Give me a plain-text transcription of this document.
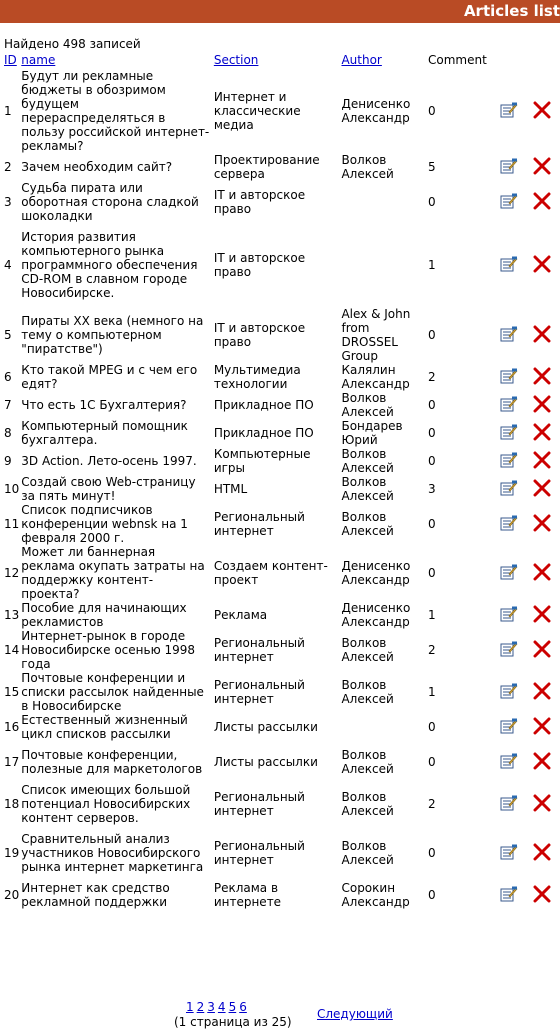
Articles list
Найдено 498 записей
ID	name	Section	Author	Comment		
1	Будут ли рекламные бюджеты в обозримом будущем перераспределяться в пользу российской интернет-рекламы?	Интернет и классические медиа	Денисенко Александр	0	

2	Зачем необходим сайт?	Проектирование сервера	Волков Алексей	5	

3	Судьба пирата или оборотная сторона сладкой шоколадки	IT и авторское право		0	

4	История развития компьютерного рынка программного обеспечения CD-ROM в славном городе Новосибирске.	IT и авторское право		1	

5	Пираты XX века (немного на тему о компьютерном "пиратстве")	IT и авторское право	Alex & John from DROSSEL Group	0	

6	Кто такой MPEG и с чем его едят?	Мультимедиа технологии	Калялин Александр	2	

7	Что есть 1С Бухгалтерия?	Прикладное ПО	Волков Алексей	0	

8	Компьютерный помощник бухгалтера.	Прикладное ПО	Бондарев Юрий	0	

9	3D Action. Лето-осень 1997.	Компьютерные игры	Волков Алексей	0	

10	Создай свою Web-страницу за пять минут!	HTML	Волков Алексей	3	

11	Список подписчиков конференции webnsk на 1 февраля 2000 г.	Региональный интернет	Волков Алексей	0	

12	Может ли баннерная реклама окупать затраты на поддержку контент-проекта?	Создаем контент-проект	Денисенко Александр	0	

13	Пособие для начинающих рекламистов	Реклама	Денисенко Александр	1	

14	Интернет-рынок в городе Новосибирске осенью 1998 года	Региональный интернет	Волков Алексей	2	

15	Почтовые конференции и списки рассылок найденные в Новосибирске	Региональный интернет	Волков Алексей	1	

16	Естественный жизненный цикл списков рассылки	Листы рассылки		0	

17	Почтовые конференции, полезные для маркетологов	Листы рассылки	Волков Алексей	0	

18	Список имеющих большой потенциал Новосибирских контент серверов.	Региональный интернет	Волков Алексей	2	

19	Сравнительный анализ участников Новосибирского рынка интернет маркетинга	Региональный интернет	Волков Алексей	0	

20	Интернет как средство рекламной поддержки	Реклама в интернете	Сорокин Александр	0	

1 2 3 4 5 6
(1 страница из 25)
Следующий
